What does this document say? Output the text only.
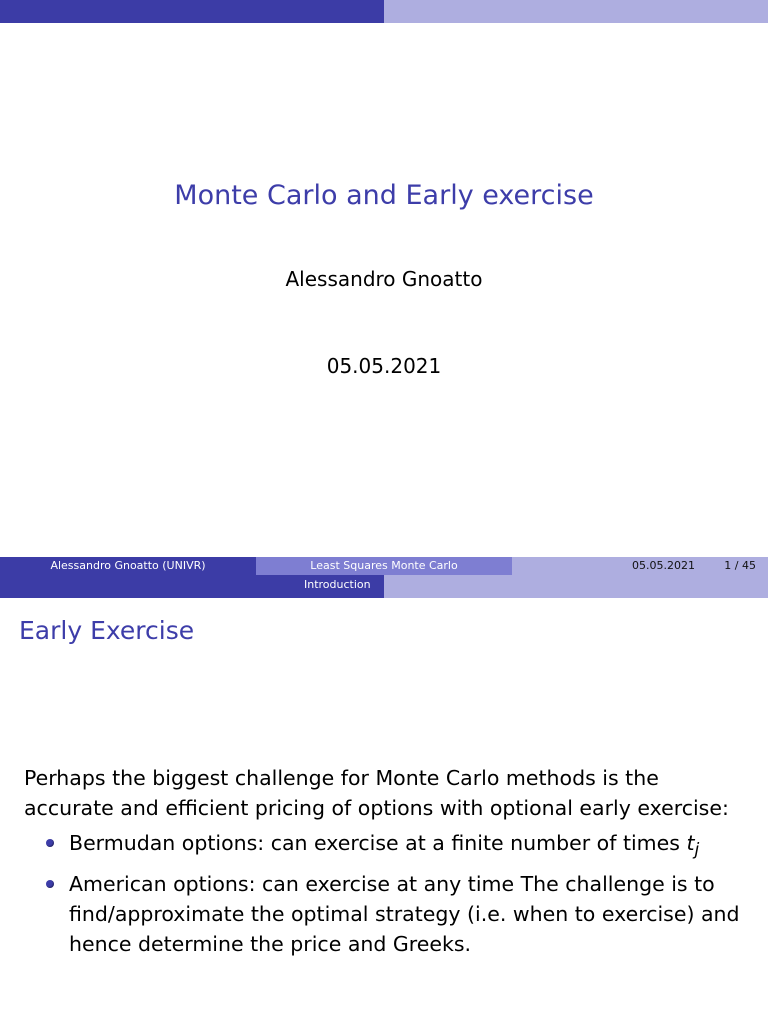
Monte Carlo and Early exercise
Alessandro Gnoatto
05.05.2021
Alessandro Gnoatto (UNIVR)	Least Squares Monte Carlo	05.05.2021	1 / 45
Introduction
Early Exercise
Perhaps the biggest challenge for Monte Carlo methods is the accurate and efficient pricing of options with optional early exercise:
Bermudan options: can exercise at a finite number of times $t_j$
American options: can exercise at any time The challenge is to find/approximate the optimal strategy (i.e. when to exercise) and hence determine the price and Greeks.
